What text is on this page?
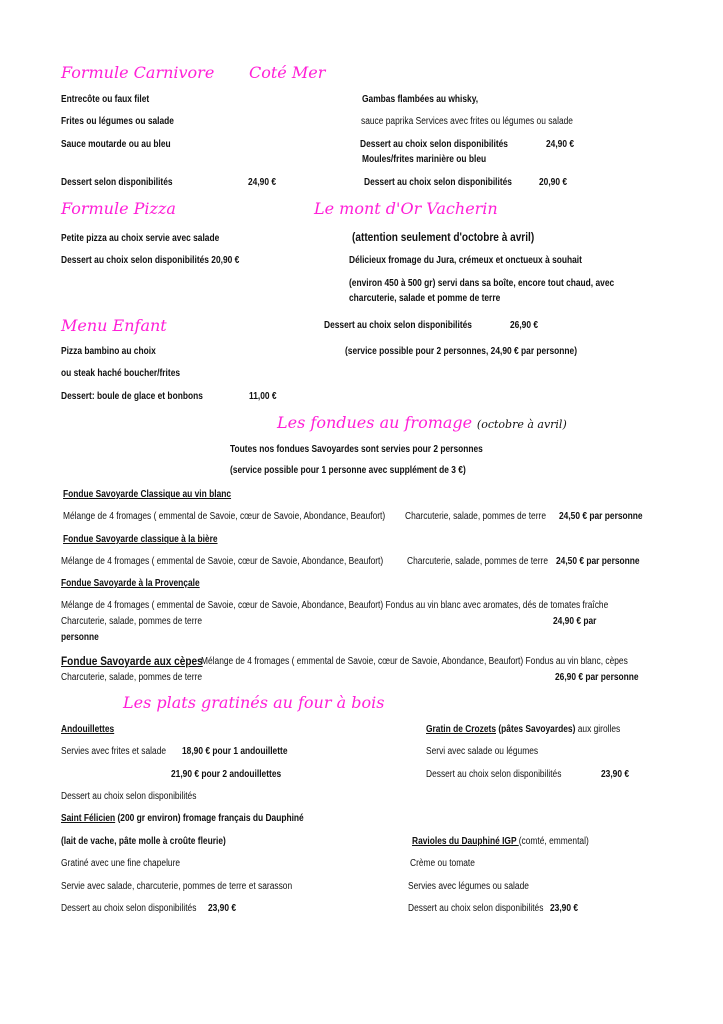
Formule Carnivore
Entrecôte ou faux filet
Frites ou légumes ou salade
Sauce moutarde ou au bleu
Dessert selon disponibilités	24,90 €
Coté Mer
Gambas flambées au whisky,
sauce paprika Services avec frites ou légumes ou salade
Dessert au choix selon disponibilités	24,90 €
Moules/frites marinière ou bleu
Dessert au choix selon disponibilités	20,90 €
Formule Pizza
Petite pizza au choix servie avec salade
Dessert au choix selon disponibilités 20,90 €
Le mont d'Or Vacherin
(attention seulement d'octobre à avril)
Délicieux fromage du Jura, crémeux et onctueux à souhait
(environ 450 à 500 gr) servi dans sa boîte, encore tout chaud, avec
charcuterie, salade et pomme de terre
Dessert au choix selon disponibilités	26,90 €
(service possible pour 2 personnes, 24,90 € par personne)
Menu Enfant
Pizza bambino au choix
ou steak haché boucher/frites
Dessert: boule de glace et bonbons	11,00 €
Les fondues au fromage (octobre à avril)
Toutes nos fondues Savoyardes sont servies pour 2 personnes
(service possible pour 1 personne avec supplément de 3 €)
Fondue Savoyarde Classique au vin blanc
Mélange de 4 fromages ( emmental de Savoie, cœur de Savoie, Abondance, Beaufort) Charcuterie, salade, pommes de terre 24,50 € par personne
Fondue Savoyarde classique à la bière
Mélange de 4 fromages ( emmental de Savoie, cœur de Savoie, Abondance, Beaufort) Charcuterie, salade, pommes de terre 24,50 € par personne
Fondue Savoyarde à la Provençale
Mélange de 4 fromages ( emmental de Savoie, cœur de Savoie, Abondance, Beaufort) Fondus au vin blanc avec aromates, dés de tomates fraîche
Charcuterie, salade, pommes de terre	24,90 € par
personne
Fondue Savoyarde aux cèpes
Mélange de 4 fromages ( emmental de Savoie, cœur de Savoie, Abondance, Beaufort) Fondus au vin blanc, cèpes
Charcuterie, salade, pommes de terre	26,90 € par personne
Les plats gratinés au four à bois
Andouillettes
Servies avec frites et salade 18,90 € pour 1 andouillette
21,90 € pour 2 andouillettes
Dessert au choix selon disponibilités
Gratin de Crozets (pâtes Savoyardes) aux girolles
Servi avec salade ou légumes
Dessert au choix selon disponibilités	23,90 €
Saint Félicien (200 gr environ) fromage français du Dauphiné
(lait de vache, pâte molle à croûte fleurie)
Gratiné avec une fine chapelure
Servie avec salade, charcuterie, pommes de terre et sarasson
Dessert au choix selon disponibilités 23,90 €
Ravioles du Dauphiné IGP (comté, emmental)
Crème ou tomate
Servies avec légumes ou salade
Dessert au choix selon disponibilités 23,90 €
